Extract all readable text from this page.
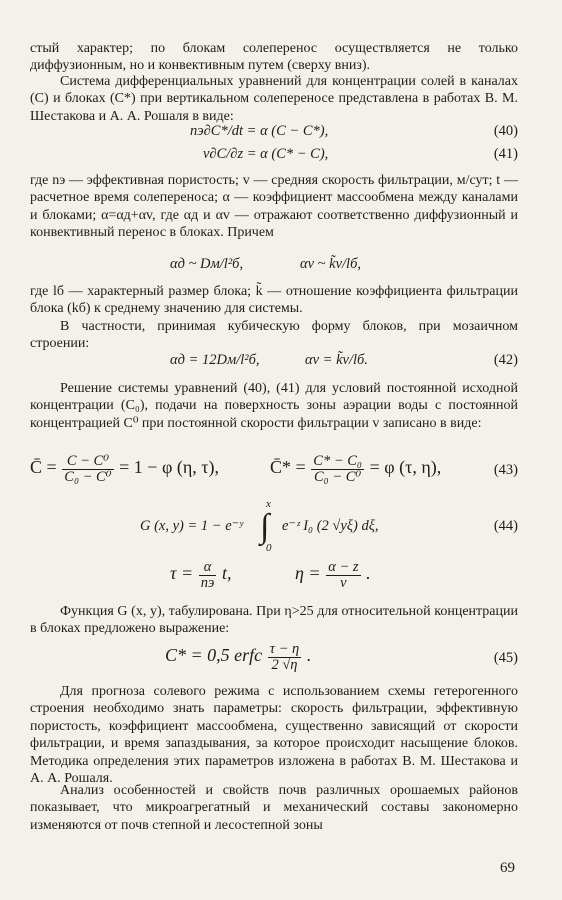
стый характер; по блокам солеперенос осуществляется не только диффузионным, но и конвективным путем (сверху вниз).

Система дифференциальных уравнений для концентрации солей в каналах (C) и блоках (C*) при вертикальном солепереносе представлена в работах В. М. Шестакова и А. А. Рошаля в виде:

nэ∂C*/dt = α (C − C*),	(40)
v∂C/∂z = α (C* − C),	(41)

где nэ — эффективная пористость; v — средняя скорость фильтрации, м/сут; t — расчетное время солепереноса; α — коэффициент массообмена между каналами и блоками; α=αд+αv, где αд и αv — отражают соответственно диффузионный и конвективный перенос в блоках. Причем

αд ~ Dм/l²б,	αv ~ k̃v/lб,

где lб — характерный размер блока; k̃ — отношение коэффициента фильтрации блока (kб) к среднему значению для системы.

В частности, принимая кубическую форму блоков, при мозаичном строении:

αд = 12Dм/l²б,	αv = k̃v/lб.	(42)

Решение системы уравнений (40), (41) для условий постоянной исходной концентрации (C₀), подачи на поверхность зоны аэрации воды с постоянной концентрацией C⁰ при постоянной скорости фильтрации v записано в виде:

C̄ = $\frac{\text{C − C⁰}}{\text{C₀ − C⁰}} = 1 - \varphi$ (η, τ),	C̄* = $\frac{\text{C* − C₀}}{\text{C₀ − C⁰}} = \varphi$ (τ, η),	(43)
G (x, y) = 1 − e⁻ʸ
x
∫
0
e⁻ᶻ I₀ (2 √yξ) dξ,	(44)
$\tau = \frac{\alpha}{nэ} t$,	$\eta = \frac{\alpha - z}{v}$ .

Функция G (x, y), табулирована. При η>25 для относительной концентрации в блоках предложено выражение:

C* = 0,5 erfc $\frac{\tau - \eta}{2 √\eta}$ .	(45)

Для прогноза солевого режима с использованием схемы гетерогенного строения необходимо знать параметры: скорость фильтрации, эффективную пористость, коэффициент массообмена, существенно зависящий от скорости фильтрации, и время запаздывания, за которое происходит насыщение блоков. Методика определения этих параметров изложена в работах В. М. Шестакова и А. А. Рошаля.

Анализ особенностей и свойств почв различных орошаемых районов показывает, что микроагрегатный и механический составы закономерно изменяются от почв степной и лесостепной зоны

69
